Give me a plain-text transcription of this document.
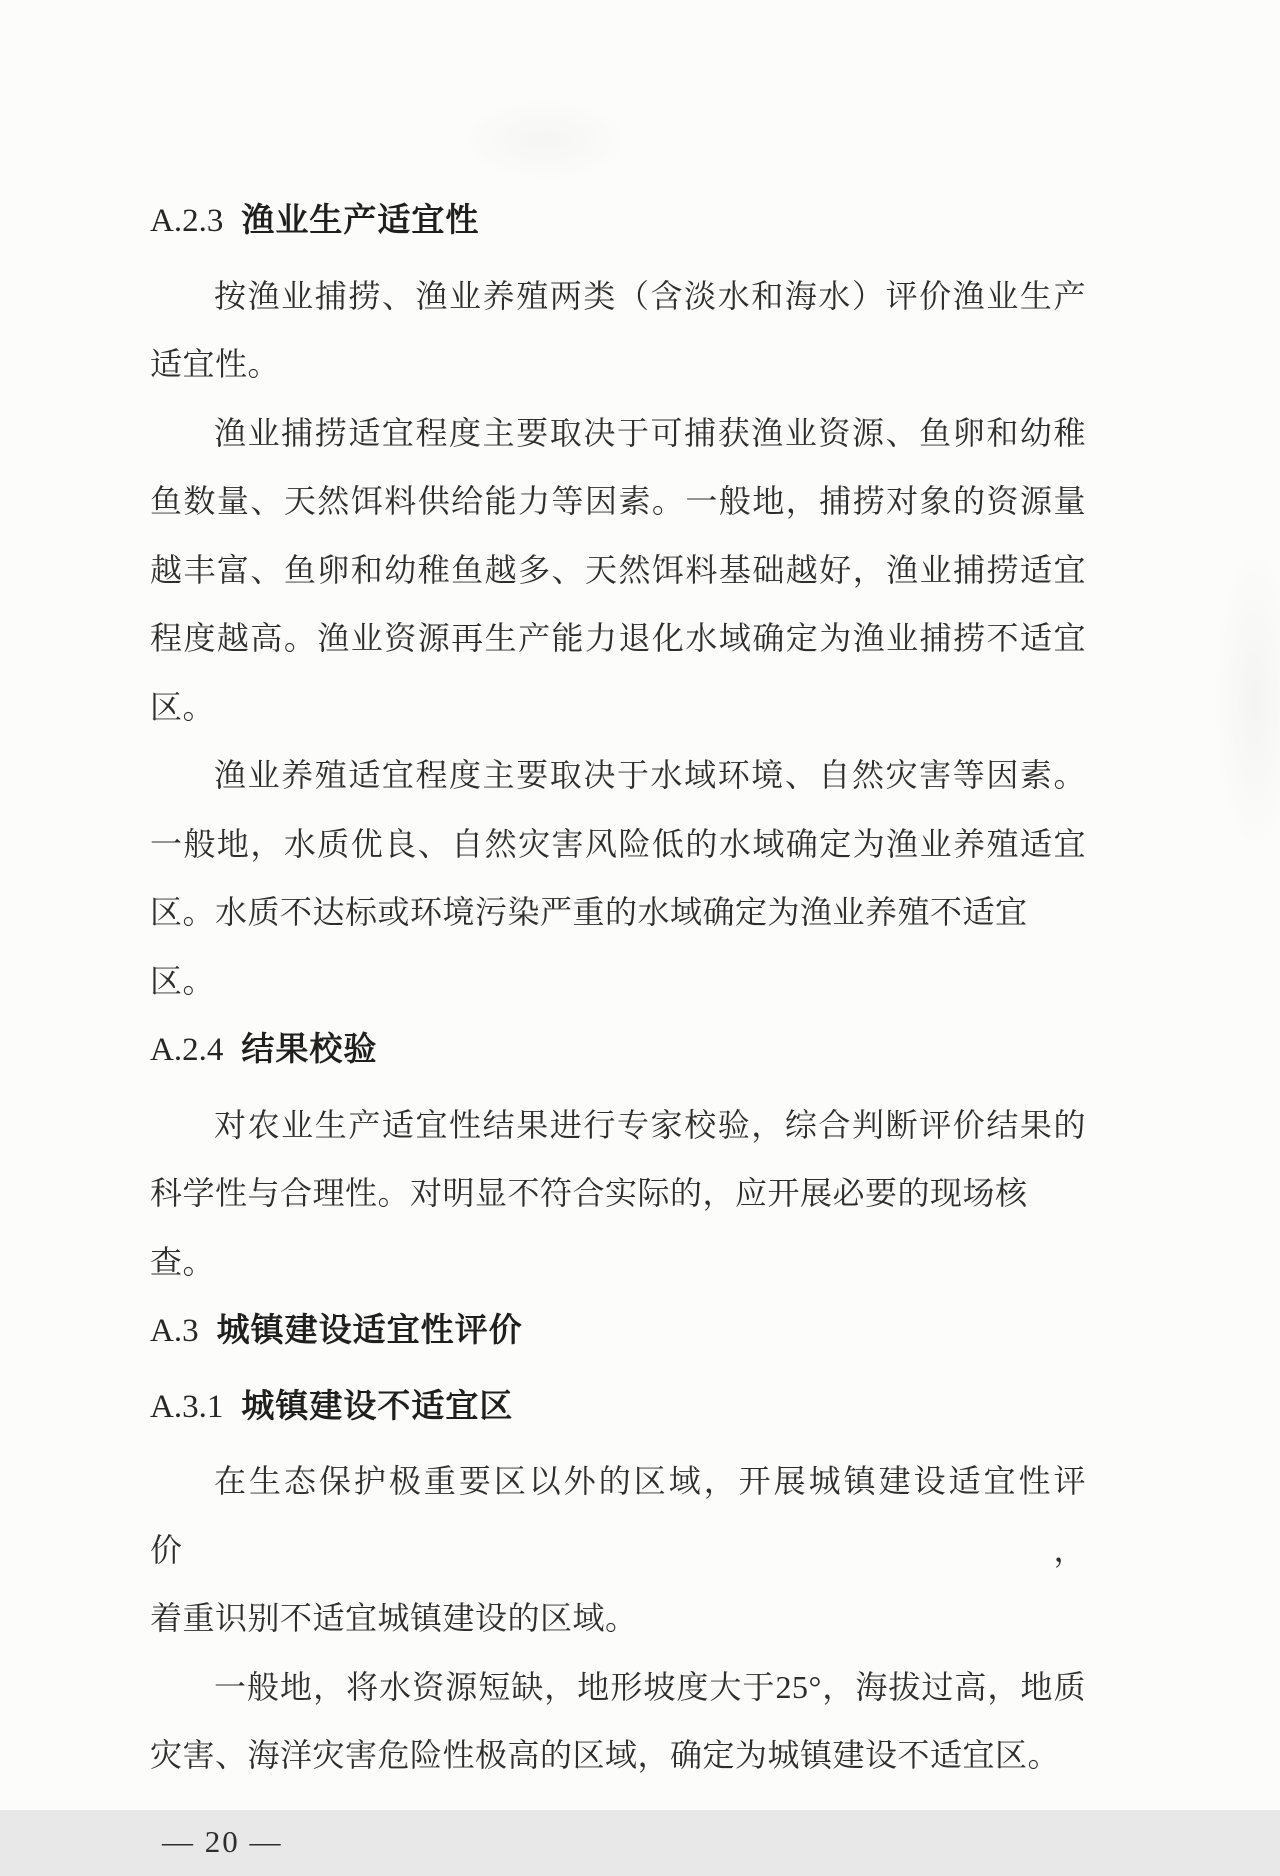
A.2.3 渔业生产适宜性
按渔业捕捞、渔业养殖两类（含淡水和海水）评价渔业生产
适宜性。
渔业捕捞适宜程度主要取决于可捕获渔业资源、鱼卵和幼稚
鱼数量、天然饵料供给能力等因素。一般地，捕捞对象的资源量
越丰富、鱼卵和幼稚鱼越多、天然饵料基础越好，渔业捕捞适宜
程度越高。渔业资源再生产能力退化水域确定为渔业捕捞不适宜
区。
渔业养殖适宜程度主要取决于水域环境、自然灾害等因素。
一般地，水质优良、自然灾害风险低的水域确定为渔业养殖适宜
区。水质不达标或环境污染严重的水域确定为渔业养殖不适宜区。
A.2.4 结果校验
对农业生产适宜性结果进行专家校验，综合判断评价结果的
科学性与合理性。对明显不符合实际的，应开展必要的现场核查。
A.3 城镇建设适宜性评价
A.3.1 城镇建设不适宜区
在生态保护极重要区以外的区域，开展城镇建设适宜性评价，
着重识别不适宜城镇建设的区域。
一般地，将水资源短缺，地形坡度大于25°，海拔过高，地质
灾害、海洋灾害危险性极高的区域，确定为城镇建设不适宜区。
— 20 —
